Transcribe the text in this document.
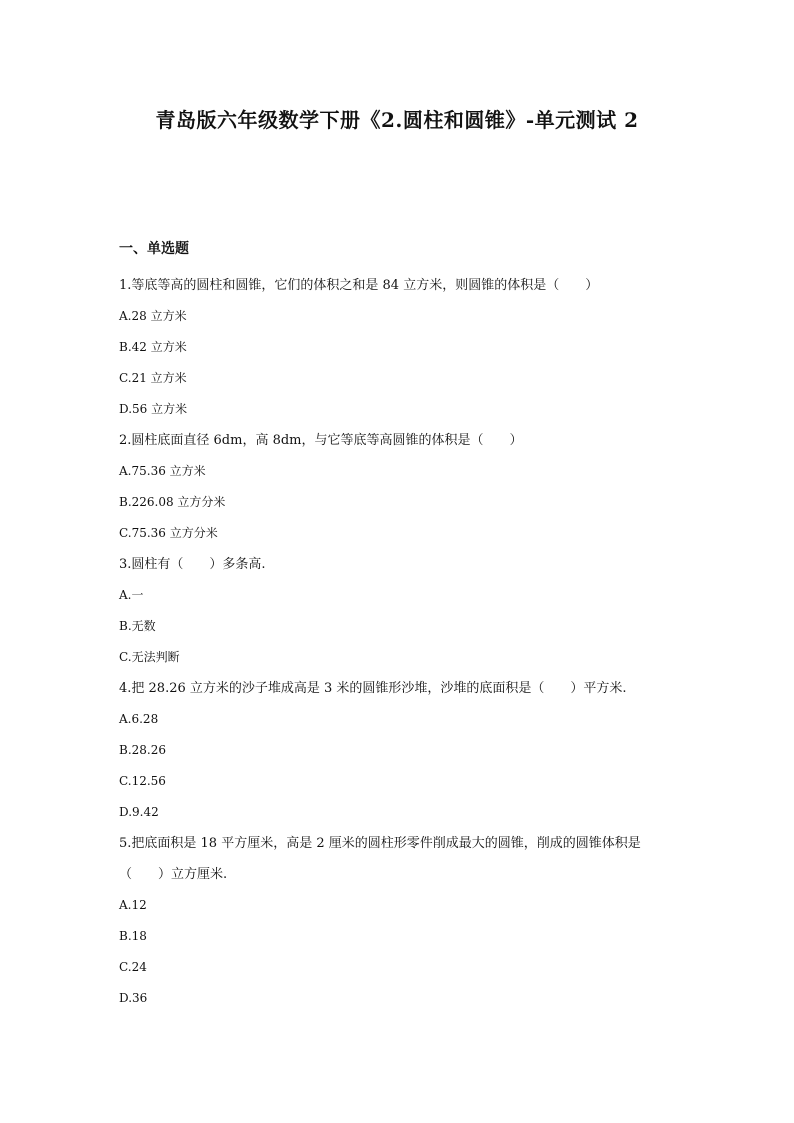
青岛版六年级数学下册《2.圆柱和圆锥》-单元测试 2
一、单选题

1.等底等高的圆柱和圆锥，它们的体积之和是 84 立方米，则圆锥的体积是（　　）

A.28 立方米

B.42 立方米

C.21 立方米

D.56 立方米

2.圆柱底面直径 6dm，高 8dm，与它等底等高圆锥的体积是（　　）

A.75.36 立方米

B.226.08 立方分米

C.75.36 立方分米

3.圆柱有（　　）多条高.

A.一

B.无数

C.无法判断

4.把 28.26 立方米的沙子堆成高是 3 米的圆锥形沙堆，沙堆的底面积是（　　）平方米.

A.6.28

B.28.26

C.12.56

D.9.42

5.把底面积是 18 平方厘米，高是 2 厘米的圆柱形零件削成最大的圆锥，削成的圆锥体积是（　　）立方厘米.

A.12

B.18

C.24

D.36
